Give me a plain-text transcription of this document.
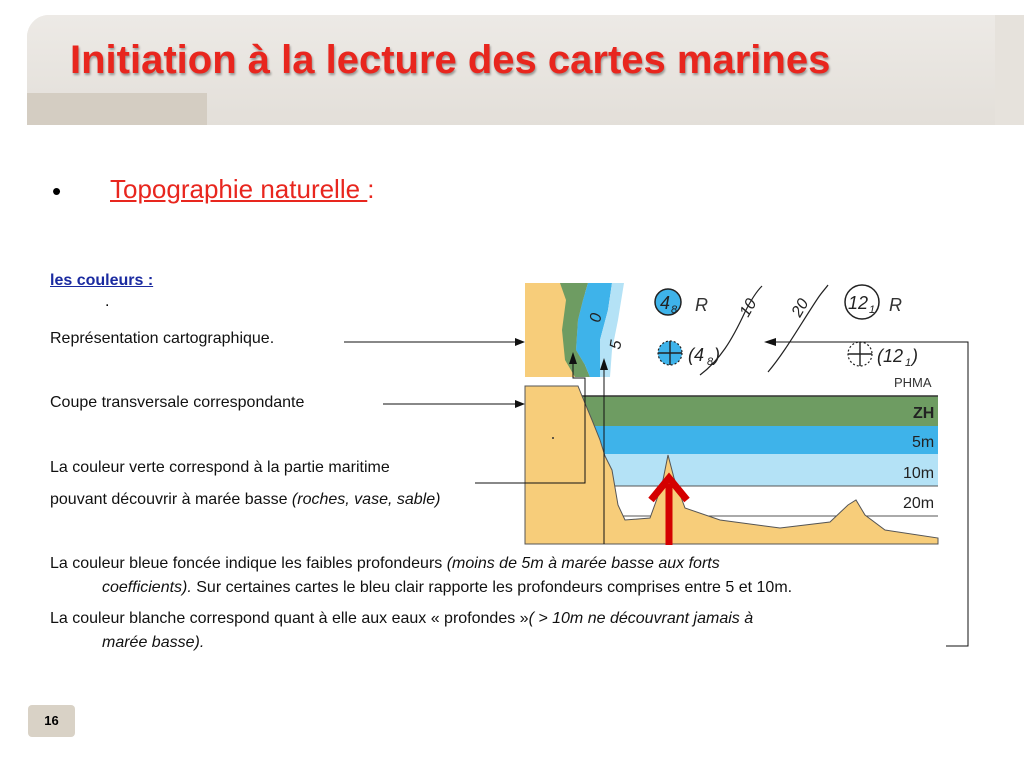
Initiation à la lecture des cartes marines
• Topographie naturelle :
les couleurs :
.
Représentation cartographique.
Coupe transversale correspondante
La couleur verte correspond à la partie maritime
pouvant découvrir à marée basse (roches, vase, sable)
La couleur bleue foncée indique les faibles profondeurs (moins de 5m à marée basse aux forts
coefficients). Sur certaines cartes le bleu clair rapporte les profondeurs comprises entre 5 et 10m.
La couleur blanche correspond quant à elle aux eaux « profondes »( > 10m ne découvrant jamais à
marée basse).
4 8 R	12 1 R
(4 8 )	(12 1 )
0
5
10 20
PHMA
ZH
5m
10m
20m
16
